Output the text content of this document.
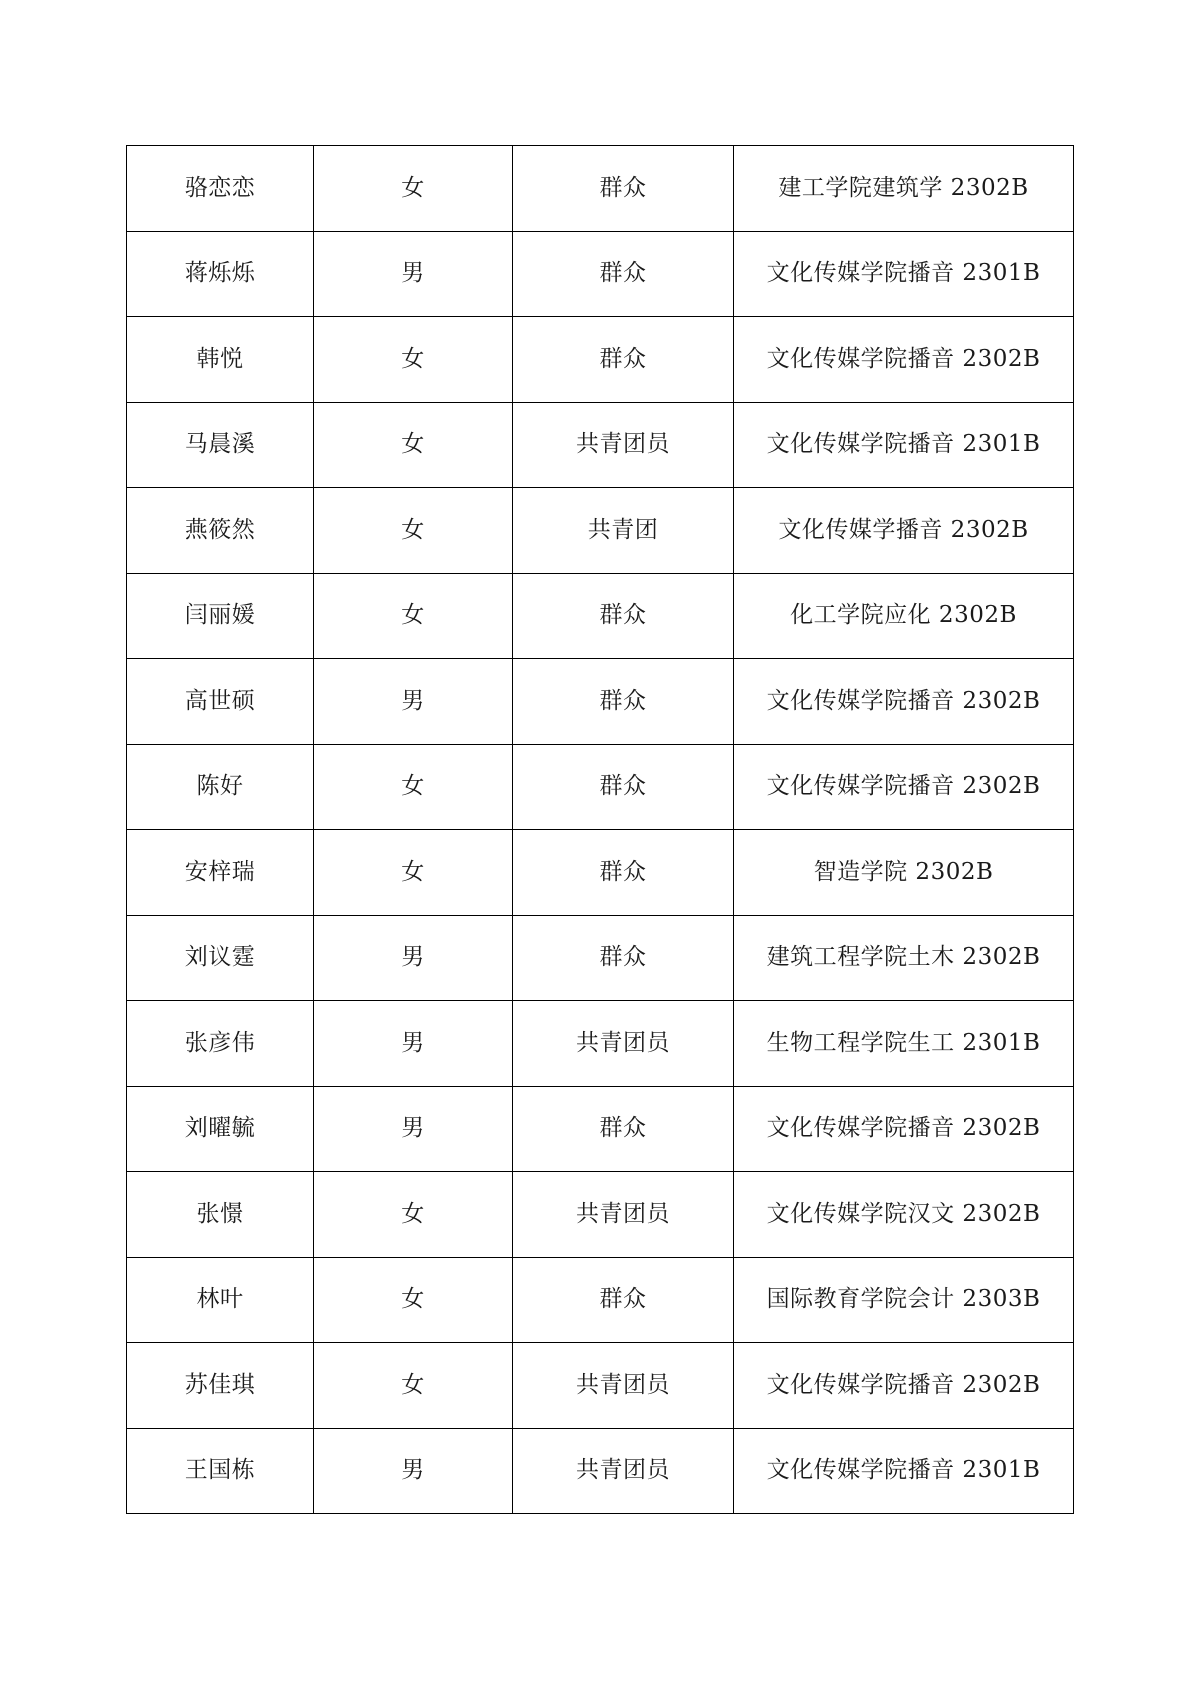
骆恋恋	女	群众	建工学院建筑学 2302B
蒋烁烁	男	群众	文化传媒学院播音 2301B
韩悦	女	群众	文化传媒学院播音 2302B
马晨溪	女	共青团员	文化传媒学院播音 2301B
燕筱然	女	共青团	文化传媒学播音 2302B
闫丽媛	女	群众	化工学院应化 2302B
高世硕	男	群众	文化传媒学院播音 2302B
陈好	女	群众	文化传媒学院播音 2302B
安梓瑞	女	群众	智造学院 2302B
刘议霆	男	群众	建筑工程学院土木 2302B
张彦伟	男	共青团员	生物工程学院生工 2301B
刘曜毓	男	群众	文化传媒学院播音 2302B
张憬	女	共青团员	文化传媒学院汉文 2302B
林叶	女	群众	国际教育学院会计 2303B
苏佳琪	女	共青团员	文化传媒学院播音 2302B
王国栋	男	共青团员	文化传媒学院播音 2301B
